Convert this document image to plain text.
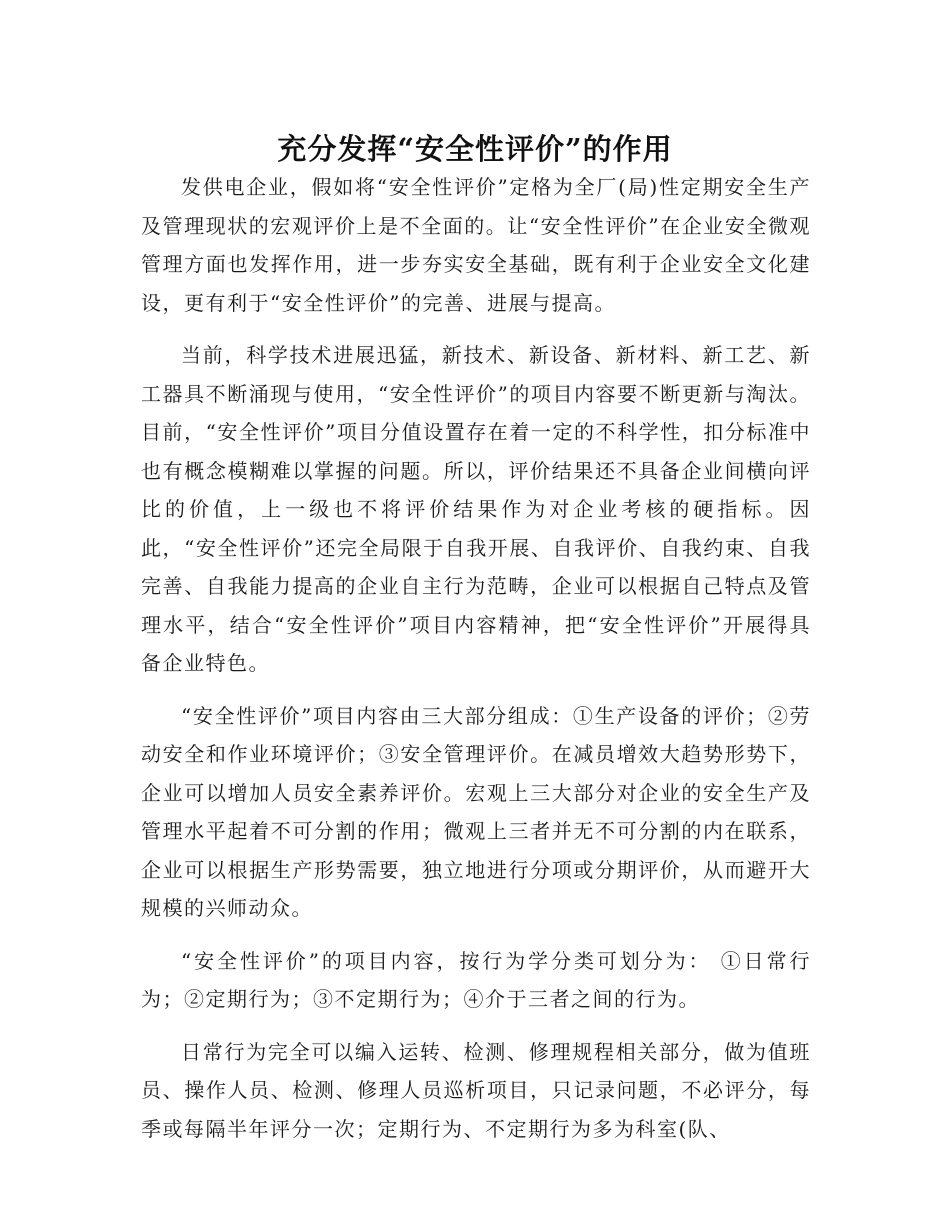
充分发挥“安全性评价”的作用

发供电企业，假如将“安全性评价”定格为全厂(局)性定期安全生产及管理现状的宏观评价上是不全面的。让“安全性评价”在企业安全微观管理方面也发挥作用，进一步夯实安全基础，既有利于企业安全文化建设，更有利于“安全性评价”的完善、进展与提高。

当前，科学技术进展迅猛，新技术、新设备、新材料、新工艺、新工器具不断涌现与使用，“安全性评价”的项目内容要不断更新与淘汰。目前，“安全性评价”项目分值设置存在着一定的不科学性，扣分标准中也有概念模糊难以掌握的问题。所以，评价结果还不具备企业间横向评比的价值，上一级也不将评价结果作为对企业考核的硬指标。因此，“安全性评价”还完全局限于自我开展、自我评价、自我约束、自我完善、自我能力提高的企业自主行为范畴，企业可以根据自己特点及管理水平，结合“安全性评价”项目内容精神，把“安全性评价”开展得具备企业特色。

“安全性评价”项目内容由三大部分组成：①生产设备的评价；②劳动安全和作业环境评价；③安全管理评价。在减员增效大趋势形势下，企业可以增加人员安全素养评价。宏观上三大部分对企业的安全生产及管理水平起着不可分割的作用；微观上三者并无不可分割的内在联系，企业可以根据生产形势需要，独立地进行分项或分期评价，从而避开大规模的兴师动众。

“安全性评价”的项目内容，按行为学分类可划分为： ①日常行为；②定期行为；③不定期行为；④介于三者之间的行为。

日常行为完全可以编入运转、检测、修理规程相关部分，做为值班员、操作人员、检测、修理人员巡析项目，只记录问题，不必评分，每季或每隔半年评分一次；定期行为、不定期行为多为科室(队、
